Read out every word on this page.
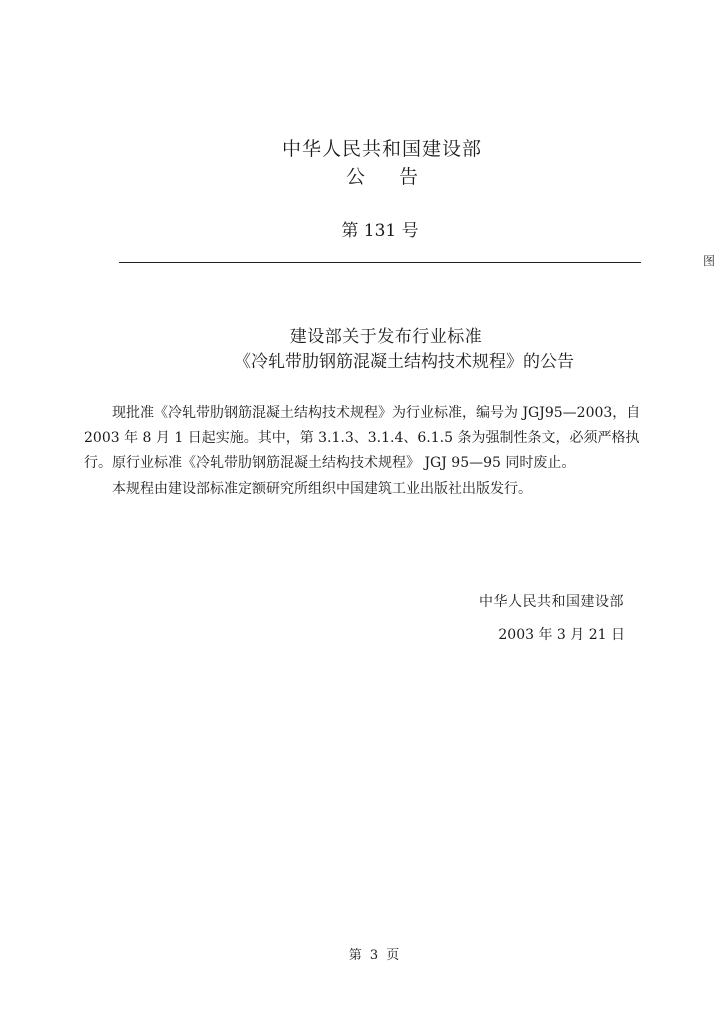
中华人民共和国建设部
公 告
第 131 号
图
建设部关于发布行业标准
《冷轧带肋钢筋混凝土结构技术规程》的公告

现批准《冷轧带肋钢筋混凝土结构技术规程》为行业标准，编号为 JGJ95—2003，自 2003 年 8 月 1 日起实施。其中，第 3.1.3、3.1.4、6.1.5 条为强制性条文，必须严格执行。原行业标准《冷轧带肋钢筋混凝土结构技术规程》 JGJ 95—95 同时废止。

本规程由建设部标准定额研究所组织中国建筑工业出版社出版发行。

中华人民共和国建设部
2003 年 3 月 21 日
第 3 页
